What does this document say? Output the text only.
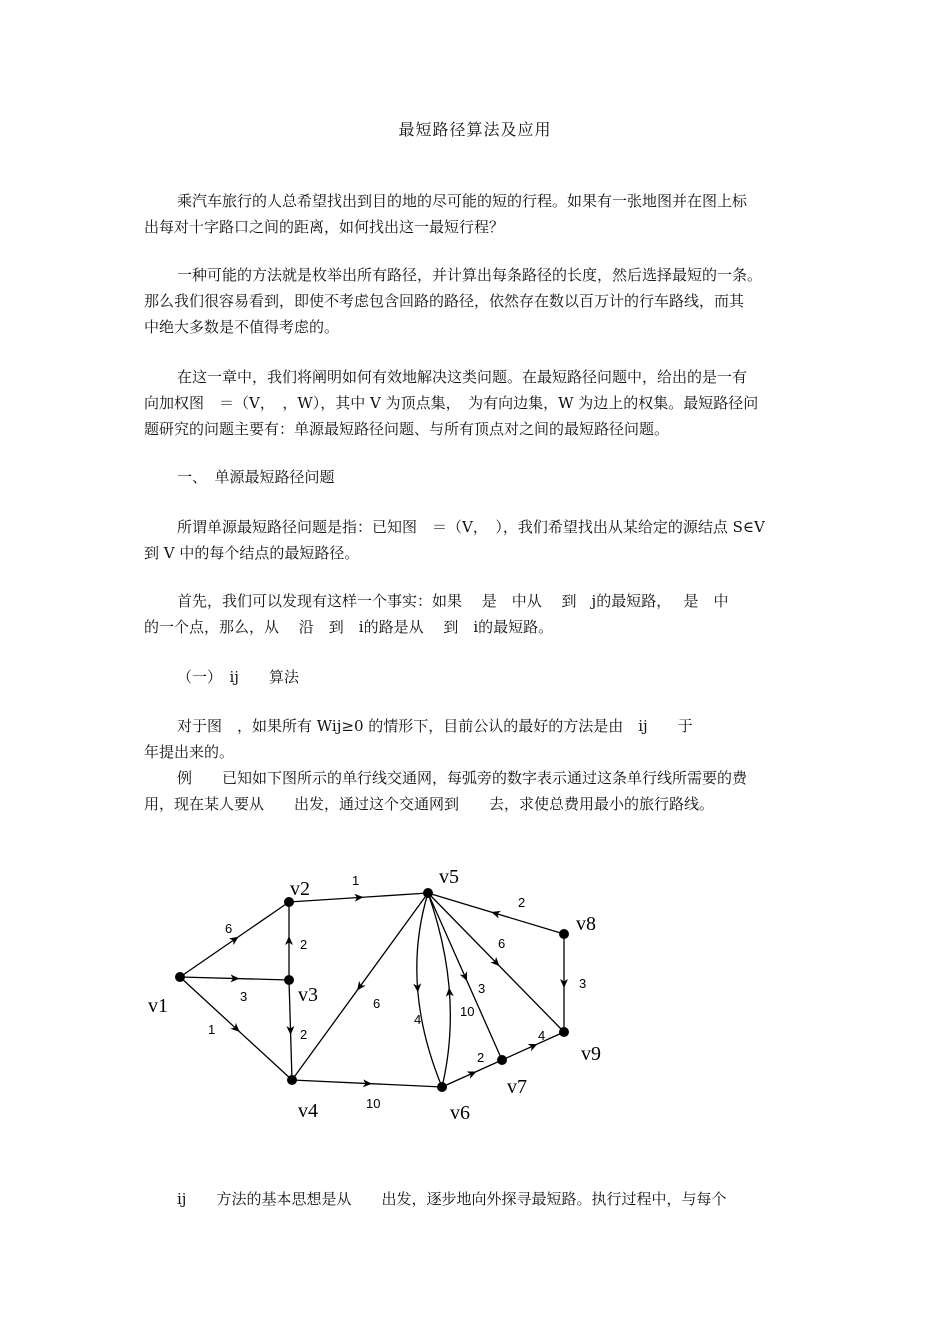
最短路径算法及应用
乘汽车旅行的人总希望找出到目的地的尽可能的短的行程。如果有一张地图并在图上标
出每对十字路口之间的距离，如何找出这一最短行程？
一种可能的方法就是枚举出所有路径，并计算出每条路径的长度，然后选择最短的一条。
那么我们很容易看到，即使不考虑包含回路的路径，依然存在数以百万计的行车路线，而其
中绝大多数是不值得考虑的。
在这一章中，我们将阐明如何有效地解决这类问题。在最短路径问题中，给出的是一有
向加权图　＝（V，　，W），其中 V 为顶点集，　为有向边集，W 为边上的权集。最短路径问
题研究的问题主要有：单源最短路径问题、与所有顶点对之间的最短路径问题。
一、　单源最短路径问题
所谓单源最短路径问题是指：已知图　＝（V，　），我们希望找出从某给定的源结点 S∈V
到 V 中的每个结点的最短路径。
首先，我们可以发现有这样一个事实：如果　 是　中从　 到　j的最短路，　 是　中
的一个点，那么，从　 沿　到　i的路是从　 到　i的最短路。
（一）　ij　　算法
对于图　，如果所有 Wij≥0 的情形下，目前公认的最好的方法是由　ij　　于
年提出来的。
例　　已知如下图所示的单行线交通网，每弧旁的数字表示通过这条单行线所需要的费
用，现在某人要从　　出发，通过这个交通网到　　去，求使总费用最小的旅行路线。
6
3
1
1
2
2
10
6
4
10
3
6
2
3
2
4
v1
v2
v3
v4
v5
v6
v7
v8
v9
ij　　方法的基本思想是从　　出发，逐步地向外探寻最短路。执行过程中，与每个
